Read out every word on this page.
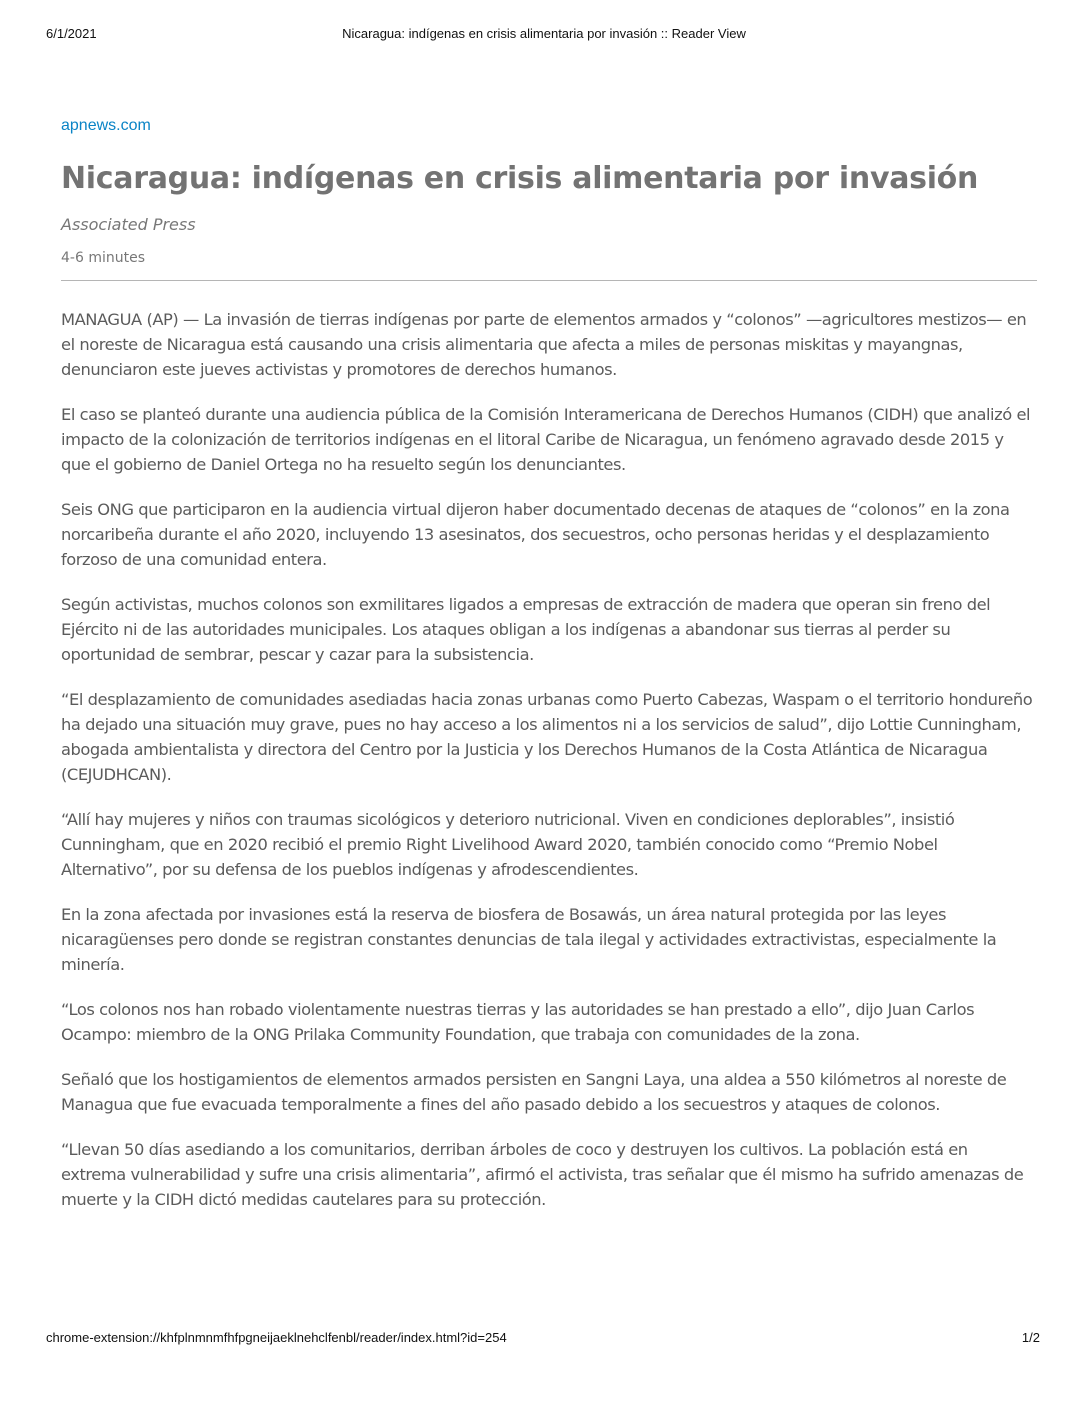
6/1/2021	Nicaragua: indígenas en crisis alimentaria por invasión :: Reader View
apnews.com
Nicaragua: indígenas en crisis alimentaria por invasión
Associated Press
4-6 minutes

MANAGUA (AP) — La invasión de tierras indígenas por parte de elementos armados y “colonos” —agricultores mestizos— en el noreste de Nicaragua está causando una crisis alimentaria que afecta a miles de personas miskitas y mayangnas, denunciaron este jueves activistas y promotores de derechos humanos.

El caso se planteó durante una audiencia pública de la Comisión Interamericana de Derechos Humanos (CIDH) que analizó el impacto de la colonización de territorios indígenas en el litoral Caribe de Nicaragua, un fenómeno agravado desde 2015 y que el gobierno de Daniel Ortega no ha resuelto según los denunciantes.

Seis ONG que participaron en la audiencia virtual dijeron haber documentado decenas de ataques de “colonos” en la zona norcaribeña durante el año 2020, incluyendo 13 asesinatos, dos secuestros, ocho personas heridas y el desplazamiento forzoso de una comunidad entera.

Según activistas, muchos colonos son exmilitares ligados a empresas de extracción de madera que operan sin freno del Ejército ni de las autoridades municipales. Los ataques obligan a los indígenas a abandonar sus tierras al perder su oportunidad de sembrar, pescar y cazar para la subsistencia.

“El desplazamiento de comunidades asediadas hacia zonas urbanas como Puerto Cabezas, Waspam o el territorio hondureño ha dejado una situación muy grave, pues no hay acceso a los alimentos ni a los servicios de salud”, dijo Lottie Cunningham, abogada ambientalista y directora del Centro por la Justicia y los Derechos Humanos de la Costa Atlántica de Nicaragua (CEJUDHCAN).

“Allí hay mujeres y niños con traumas sicológicos y deterioro nutricional. Viven en condiciones deplorables”, insistió Cunningham, que en 2020 recibió el premio Right Livelihood Award 2020, también conocido como “Premio Nobel Alternativo”, por su defensa de los pueblos indígenas y afrodescendientes.

En la zona afectada por invasiones está la reserva de biosfera de Bosawás, un área natural protegida por las leyes nicaragüenses pero donde se registran constantes denuncias de tala ilegal y actividades extractivistas, especialmente la minería.

“Los colonos nos han robado violentamente nuestras tierras y las autoridades se han prestado a ello”, dijo Juan Carlos Ocampo: miembro de la ONG Prilaka Community Foundation, que trabaja con comunidades de la zona.

Señaló que los hostigamientos de elementos armados persisten en Sangni Laya, una aldea a 550 kilómetros al noreste de Managua que fue evacuada temporalmente a fines del año pasado debido a los secuestros y ataques de colonos.

“Llevan 50 días asediando a los comunitarios, derriban árboles de coco y destruyen los cultivos. La población está en extrema vulnerabilidad y sufre una crisis alimentaria”, afirmó el activista, tras señalar que él mismo ha sufrido amenazas de muerte y la CIDH dictó medidas cautelares para su protección.

chrome-extension://khfplnmnmfhfpgneijaeklnehclfenbl/reader/index.html?id=254	1/2
